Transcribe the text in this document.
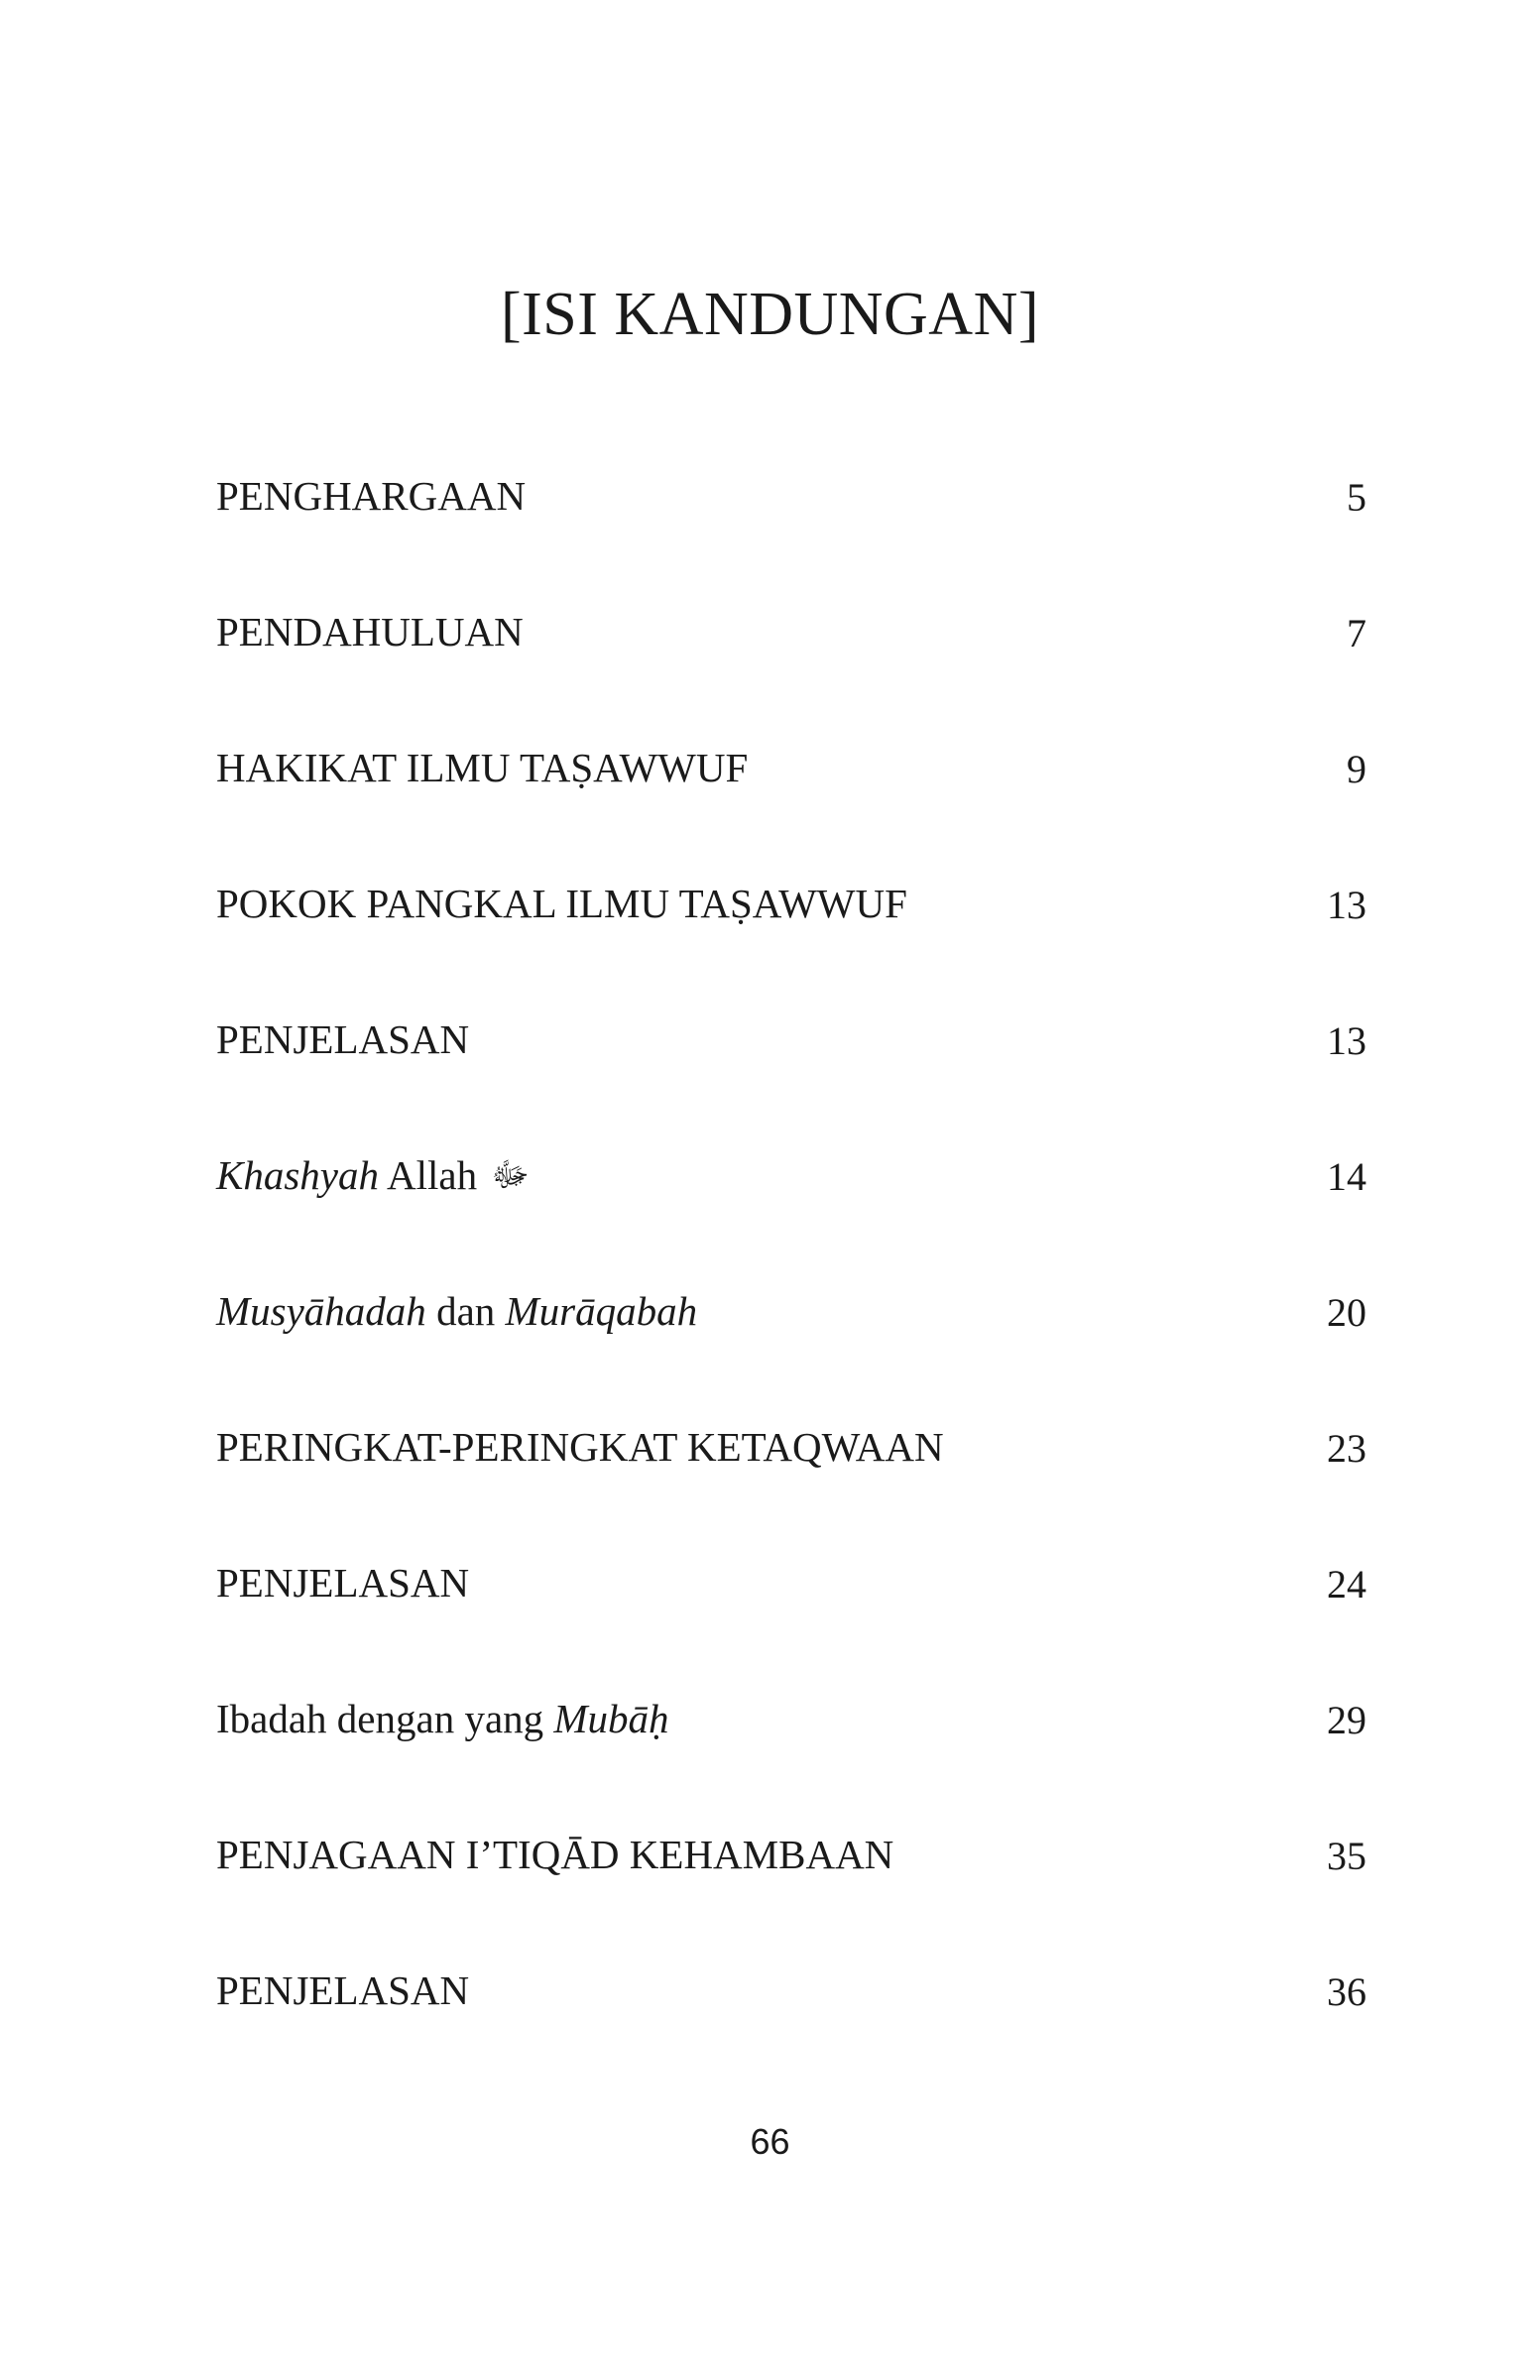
[ISI KANDUNGAN]
PENGHARGAAN	5
PENDAHULUAN	7
HAKIKAT ILMU TAṢAWWUF	9
POKOK PANGKAL ILMU TAṢAWWUF	13
PENJELASAN	13
Khashyah Allah ﷻ	14
Musyāhadah dan Murāqabah	20
PERINGKAT-PERINGKAT KETAQWAAN	23
PENJELASAN	24
Ibadah dengan yang Mubāḥ	29
PENJAGAAN I’TIQĀD KEHAMBAAN	35
PENJELASAN	36
66
